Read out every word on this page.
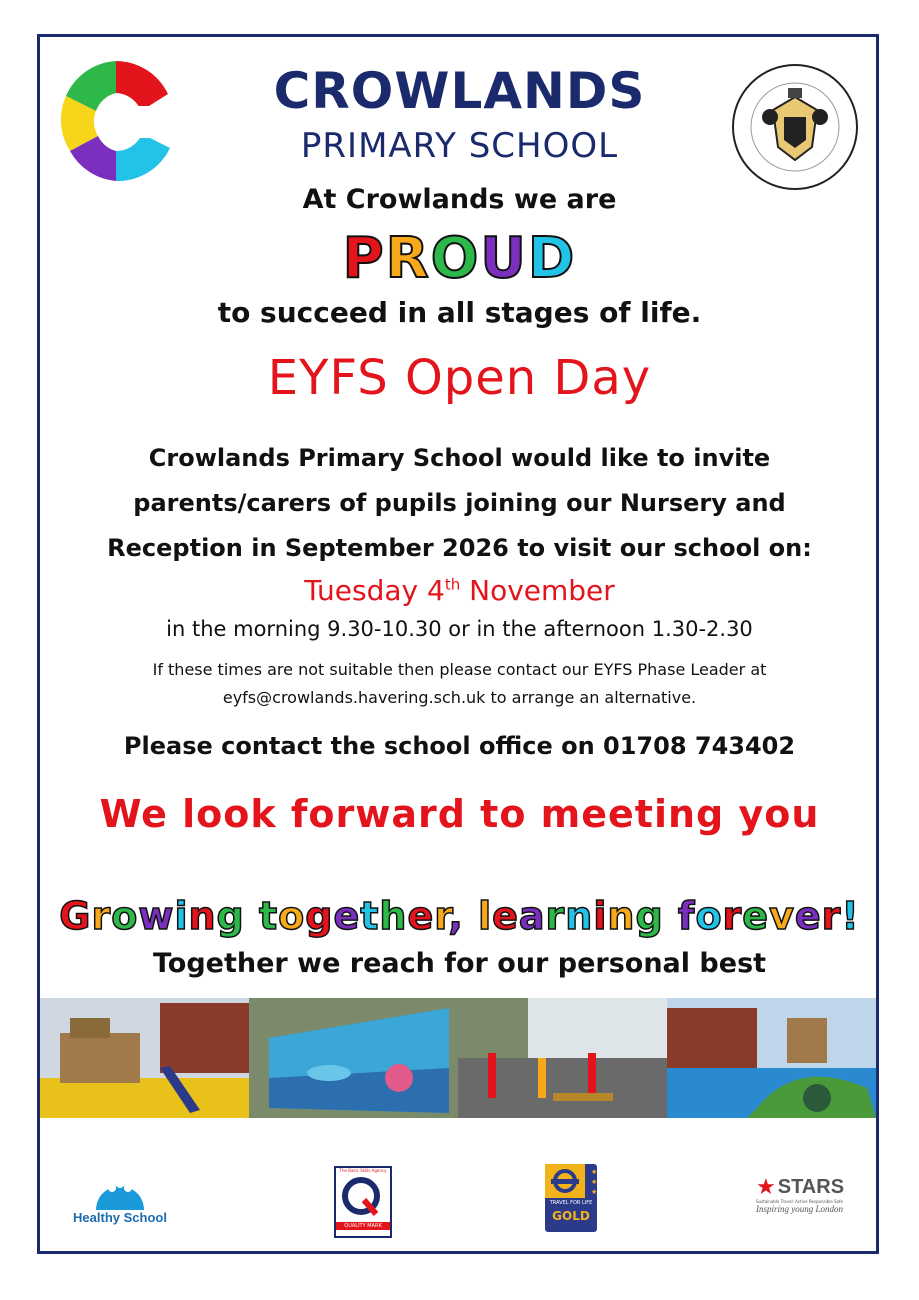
CROWLANDS
PRIMARY SCHOOL
At Crowlands we are
PROUD
to succeed in all stages of life.
EYFS Open Day
Crowlands Primary School would like to invite
parents/carers of pupils joining our Nursery and
Reception in September 2026 to visit our school on:
Tuesday 4th November
in the morning 9.30-10.30 or in the afternoon 1.30-2.30
If these times are not suitable then please contact our EYFS Phase Leader at
eyfs@crowlands.havering.sch.uk to arrange an alternative.
Please contact the school office on 01708 743402
We look forward to meeting you
Growing together, learning forever!
Together we reach for our personal best
Healthy School
The Basic Skills Agency
QUALITY MARK
★
★
★
TRAVEL FOR LIFE
GOLD
★ STARS
Sustainable Travel: Active Responsible Safe
Inspiring young London
